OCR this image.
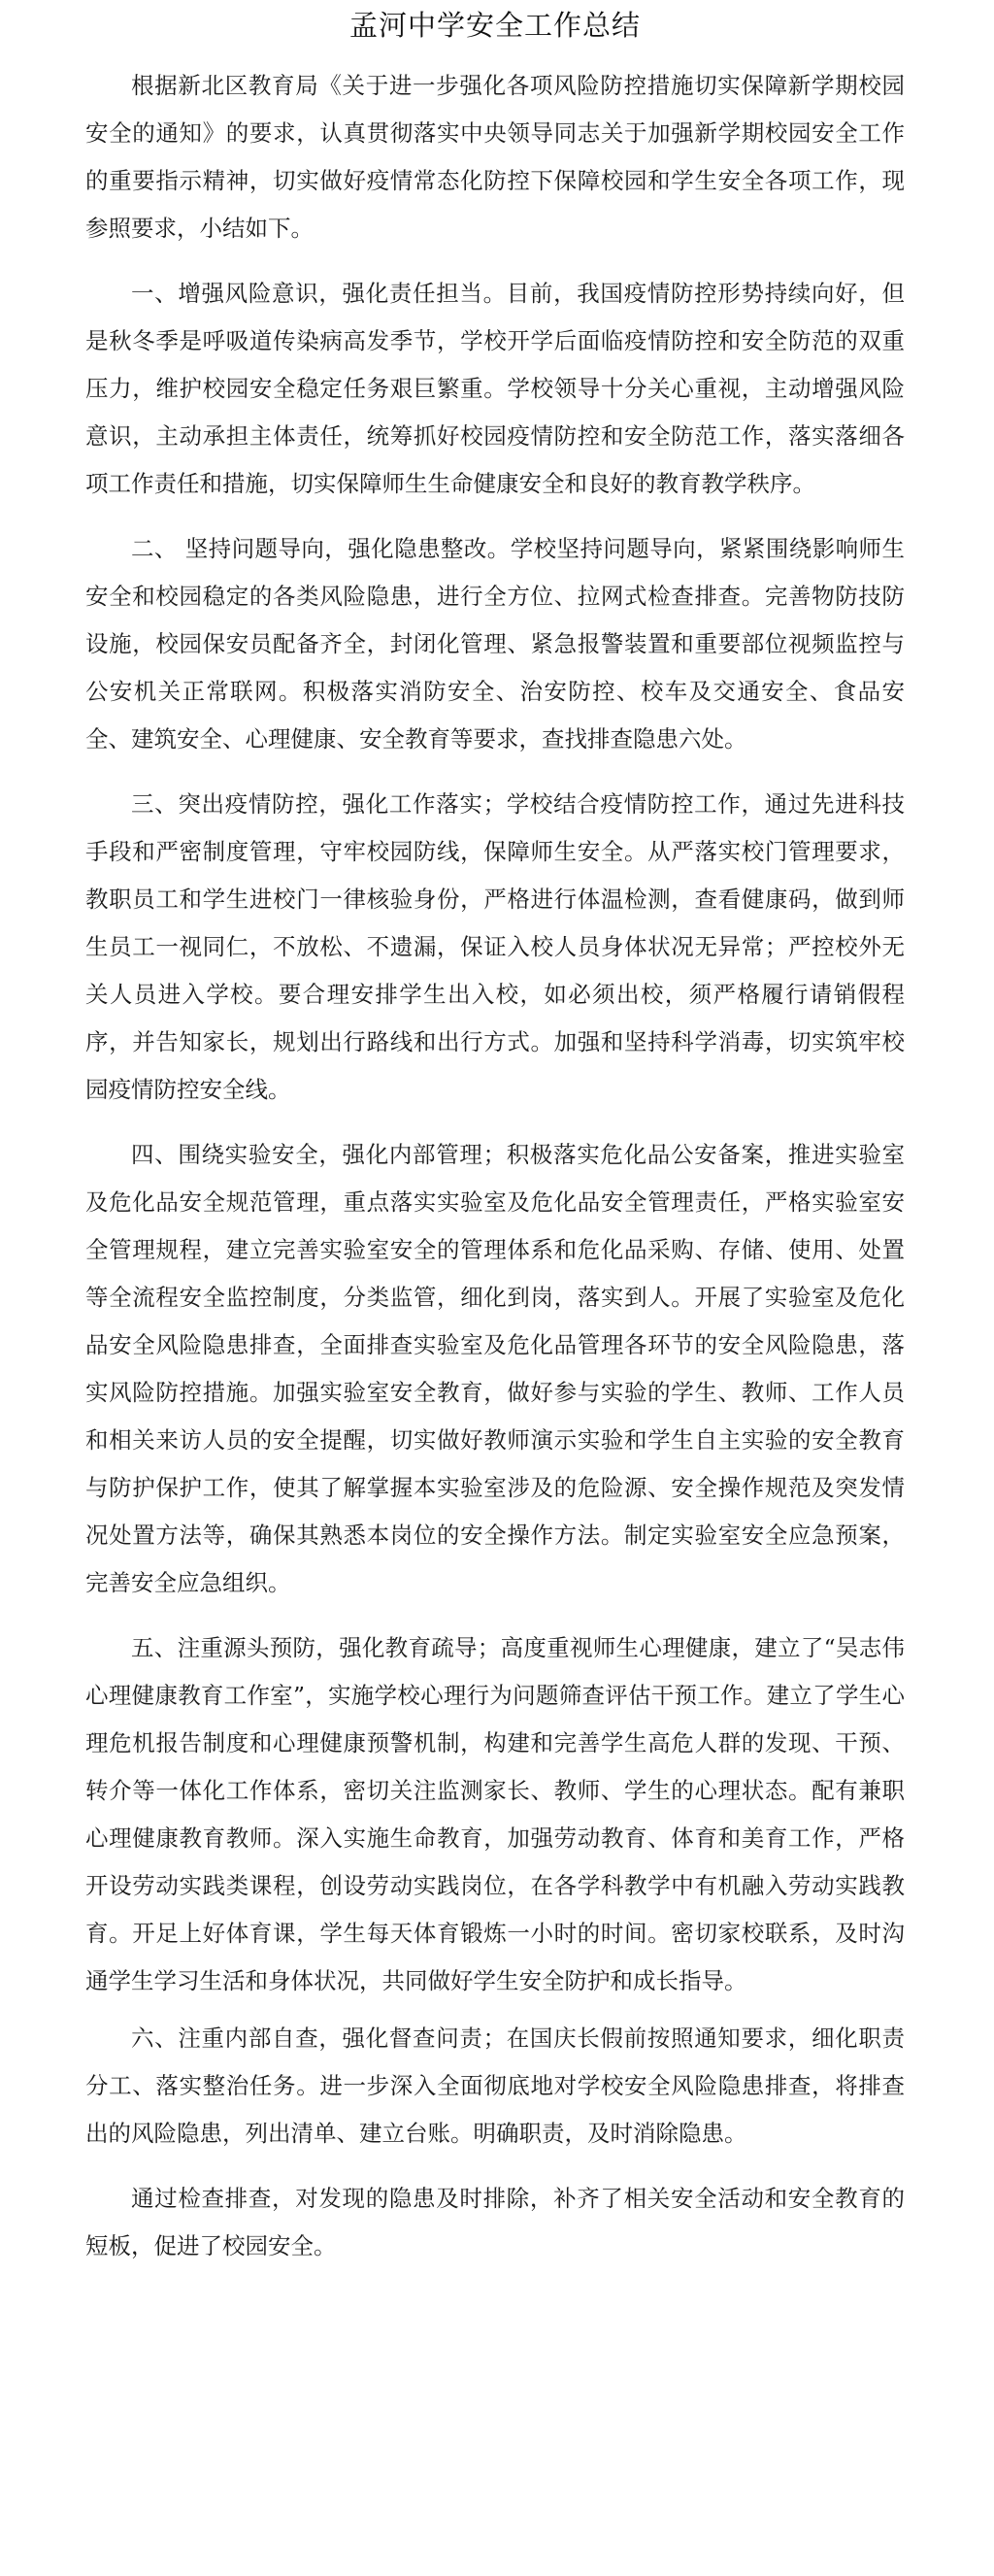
孟河中学安全工作总结

根据新北区教育局《关于进一步强化各项风险防控措施切实保障新学期校园安全的通知》的要求，认真贯彻落实中央领导同志关于加强新学期校园安全工作的重要指示精神，切实做好疫情常态化防控下保障校园和学生安全各项工作，现参照要求，小结如下。

一、增强风险意识，强化责任担当。目前，我国疫情防控形势持续向好，但是秋冬季是呼吸道传染病高发季节，学校开学后面临疫情防控和安全防范的双重压力，维护校园安全稳定任务艰巨繁重。学校领导十分关心重视，主动增强风险意识，主动承担主体责任，统筹抓好校园疫情防控和安全防范工作，落实落细各项工作责任和措施，切实保障师生生命健康安全和良好的教育教学秩序。

二、 坚持问题导向，强化隐患整改。学校坚持问题导向，紧紧围绕影响师生安全和校园稳定的各类风险隐患，进行全方位、拉网式检查排查。完善物防技防设施，校园保安员配备齐全，封闭化管理、紧急报警装置和重要部位视频监控与公安机关正常联网。积极落实消防安全、治安防控、校车及交通安全、食品安全、建筑安全、心理健康、安全教育等要求，查找排查隐患六处。

三、突出疫情防控，强化工作落实；学校结合疫情防控工作，通过先进科技手段和严密制度管理，守牢校园防线，保障师生安全。从严落实校门管理要求，教职员工和学生进校门一律核验身份，严格进行体温检测，查看健康码，做到师生员工一视同仁，不放松、不遗漏，保证入校人员身体状况无异常；严控校外无关人员进入学校。要合理安排学生出入校，如必须出校，须严格履行请销假程序，并告知家长，规划出行路线和出行方式。加强和坚持科学消毒，切实筑牢校园疫情防控安全线。

四、围绕实验安全，强化内部管理；积极落实危化品公安备案，推进实验室及危化品安全规范管理，重点落实实验室及危化品安全管理责任，严格实验室安全管理规程，建立完善实验室安全的管理体系和危化品采购、存储、使用、处置等全流程安全监控制度，分类监管，细化到岗，落实到人。开展了实验室及危化品安全风险隐患排查，全面排查实验室及危化品管理各环节的安全风险隐患，落实风险防控措施。加强实验室安全教育，做好参与实验的学生、教师、工作人员和相关来访人员的安全提醒，切实做好教师演示实验和学生自主实验的安全教育与防护保护工作，使其了解掌握本实验室涉及的危险源、安全操作规范及突发情况处置方法等，确保其熟悉本岗位的安全操作方法。制定实验室安全应急预案，完善安全应急组织。

五、注重源头预防，强化教育疏导；高度重视师生心理健康，建立了“吴志伟心理健康教育工作室”，实施学校心理行为问题筛查评估干预工作。建立了学生心理危机报告制度和心理健康预警机制，构建和完善学生高危人群的发现、干预、转介等一体化工作体系，密切关注监测家长、教师、学生的心理状态。配有兼职心理健康教育教师。深入实施生命教育，加强劳动教育、体育和美育工作，严格开设劳动实践类课程，创设劳动实践岗位，在各学科教学中有机融入劳动实践教育。开足上好体育课，学生每天体育锻炼一小时的时间。密切家校联系，及时沟通学生学习生活和身体状况，共同做好学生安全防护和成长指导。

六、注重内部自查，强化督查问责；在国庆长假前按照通知要求，细化职责分工、落实整治任务。进一步深入全面彻底地对学校安全风险隐患排查，将排查出的风险隐患，列出清单、建立台账。明确职责，及时消除隐患。

通过检查排查，对发现的隐患及时排除，补齐了相关安全活动和安全教育的短板，促进了校园安全。
